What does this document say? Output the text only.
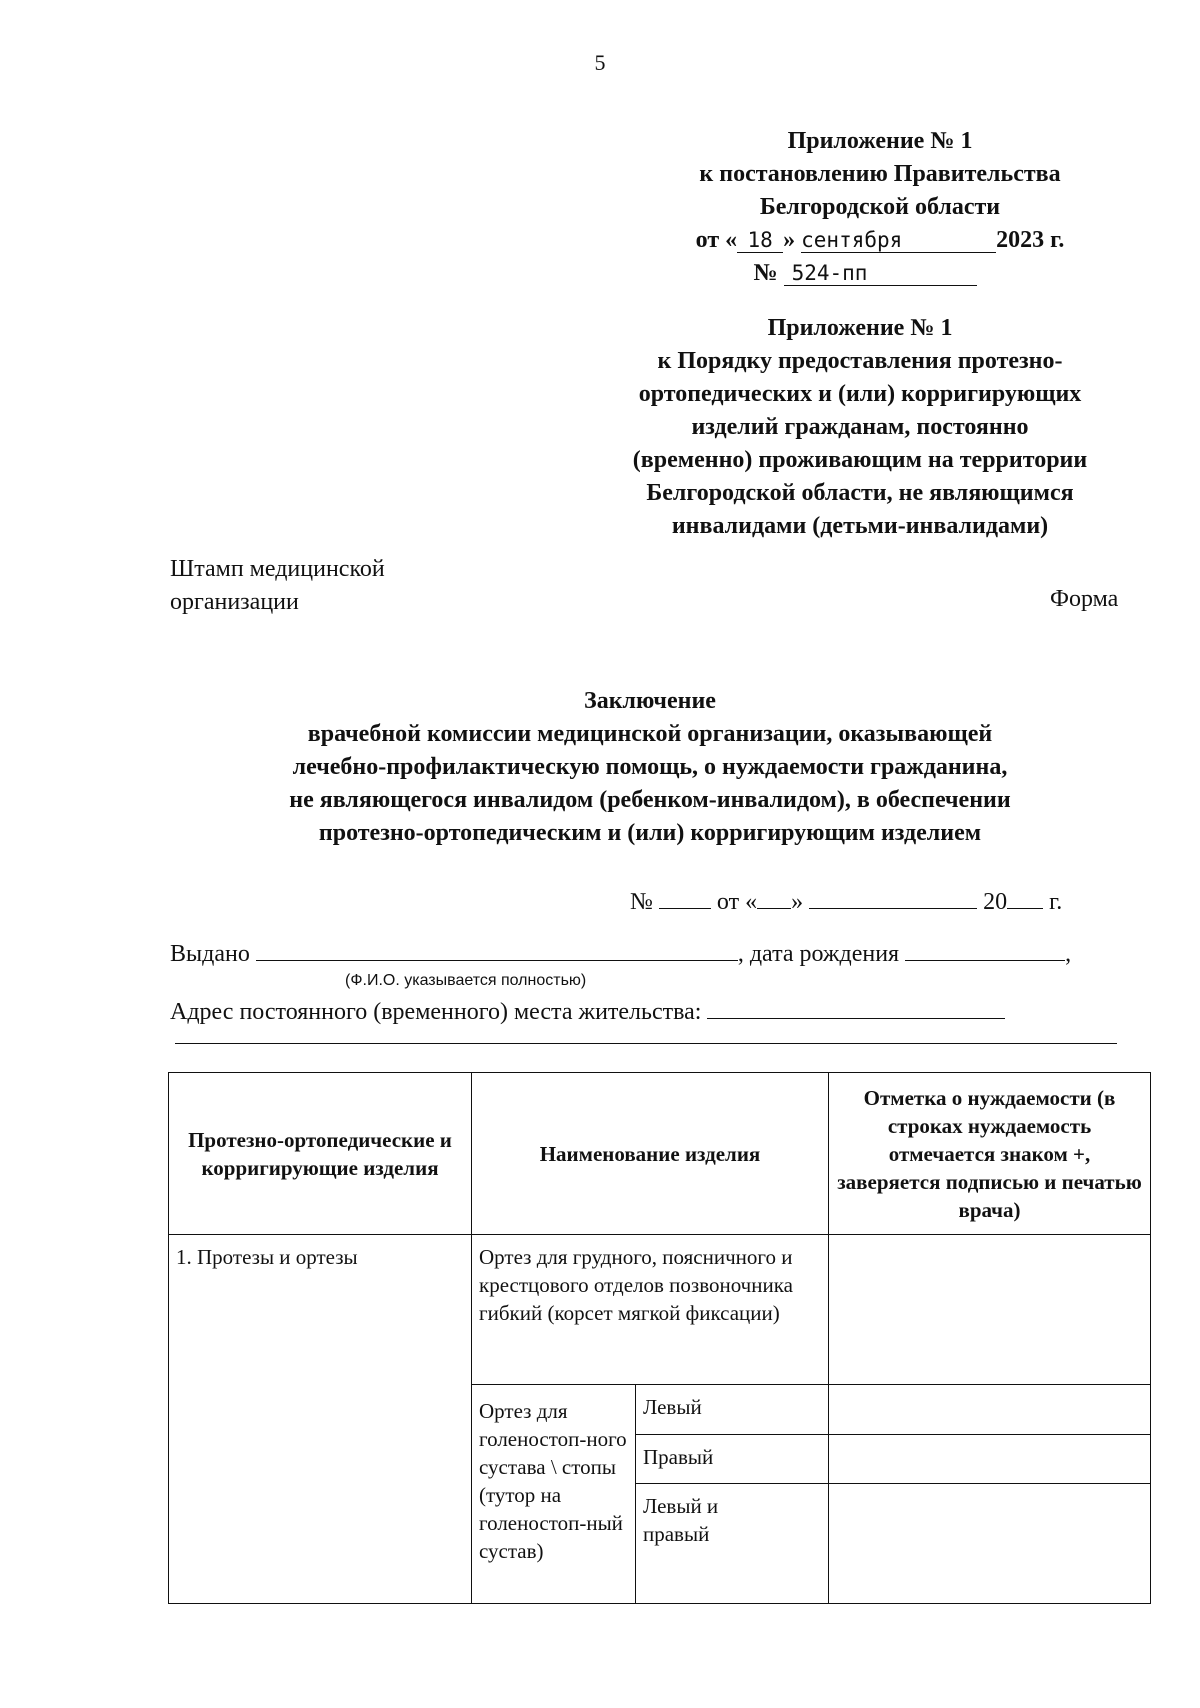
5
Приложение № 1
к постановлению Правительства
Белгородской области
от « 18 » сентября	2023 г.
№ 524-пп
Приложение № 1
к Порядку предоставления протезно-
ортопедических и (или) корригирующих
изделий гражданам, постоянно
(временно) проживающим на территории
Белгородской области, не являющимся
инвалидами (детьми-инвалидами)
Штамп медицинской
организации	Форма
Заключение
врачебной комиссии медицинской организации, оказывающей
лечебно-профилактическую помощь, о нуждаемости гражданина,
не являющегося инвалидом (ребенком-инвалидом), в обеспечении
протезно-ортопедическим и (или) корригирующим изделием
№	от « »	20 г.
Выдано	, дата рождения	,
(Ф.И.О. указывается полностью)
Адрес постоянного (временного) места жительства:
Протезно-ортопедические и корригирующие изделия	Наименование изделия		Отметка о нуждаемости (в строках нуждаемость отмечается знаком +, заверяется подписью и печатью врача)

1. Протезы и ортезы	Ортез для грудного, поясничного и крестцового отделов позвоночника гибкий (корсет мягкой фиксации)		

	Ортез для голеностоп-ного сустава \ стопы (тутор на голеностоп-ный сустав)	Левый	

		Правый	

		Левый и правый	
